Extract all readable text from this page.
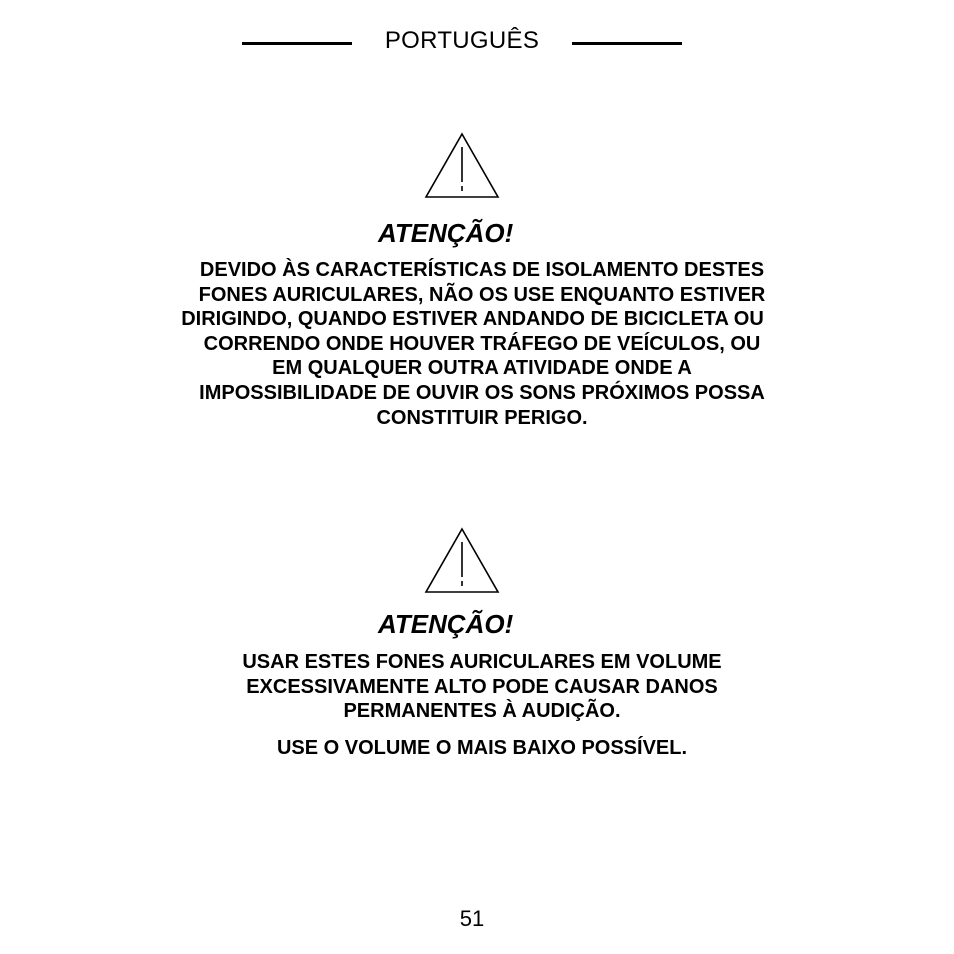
PORTUGUÊS
ATENÇÃO!
DEVIDO ÀS CARACTERÍSTICAS DE ISOLAMENTO DESTES
FONES AURICULARES, NÃO OS USE ENQUANTO ESTIVER
DIRIGINDO, QUANDO ESTIVER ANDANDO DE BICICLETA OU
CORRENDO ONDE HOUVER TRÁFEGO DE VEÍCULOS, OU
EM QUALQUER OUTRA ATIVIDADE ONDE A
IMPOSSIBILIDADE DE OUVIR OS SONS PRÓXIMOS POSSA
CONSTITUIR PERIGO.
ATENÇÃO!
USAR ESTES FONES AURICULARES EM VOLUME
EXCESSIVAMENTE ALTO PODE CAUSAR DANOS
PERMANENTES À AUDIÇÃO.
USE O VOLUME O MAIS BAIXO POSSÍVEL.
51
